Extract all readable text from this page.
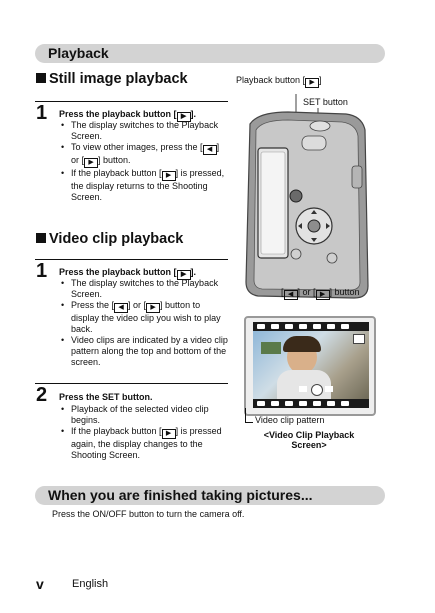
Playback
Still image playback
1 Press the playback button [ ▶ ].
• The display switches to the Playback Screen.
• To view other images, press the [ ◀ ] or [ ▶ ] button.
• If the playback button [ ▶ ] is pressed, the display returns to the Shooting Screen.
Video clip playback
1 Press the playback button [ ▶ ].
• The display switches to the Playback Screen.
• Press the [ ◀ ] or [ ▶ ] button to display the video clip you wish to play back.
• Video clips are indicated by a video clip pattern along the top and bottom of the screen.
2 Press the SET button.
• Playback of the selected video clip begins.
• If the playback button [ ▶ ] is pressed again, the display changes to the Shooting Screen.
Playback button [ ▶ ]
SET button
[ ◀ ] or [ ▶ ] button
Video clip pattern
<Video Clip Playback
Screen>
When you are finished taking pictures...
Press the ON/OFF button to turn the camera off.
v	English
